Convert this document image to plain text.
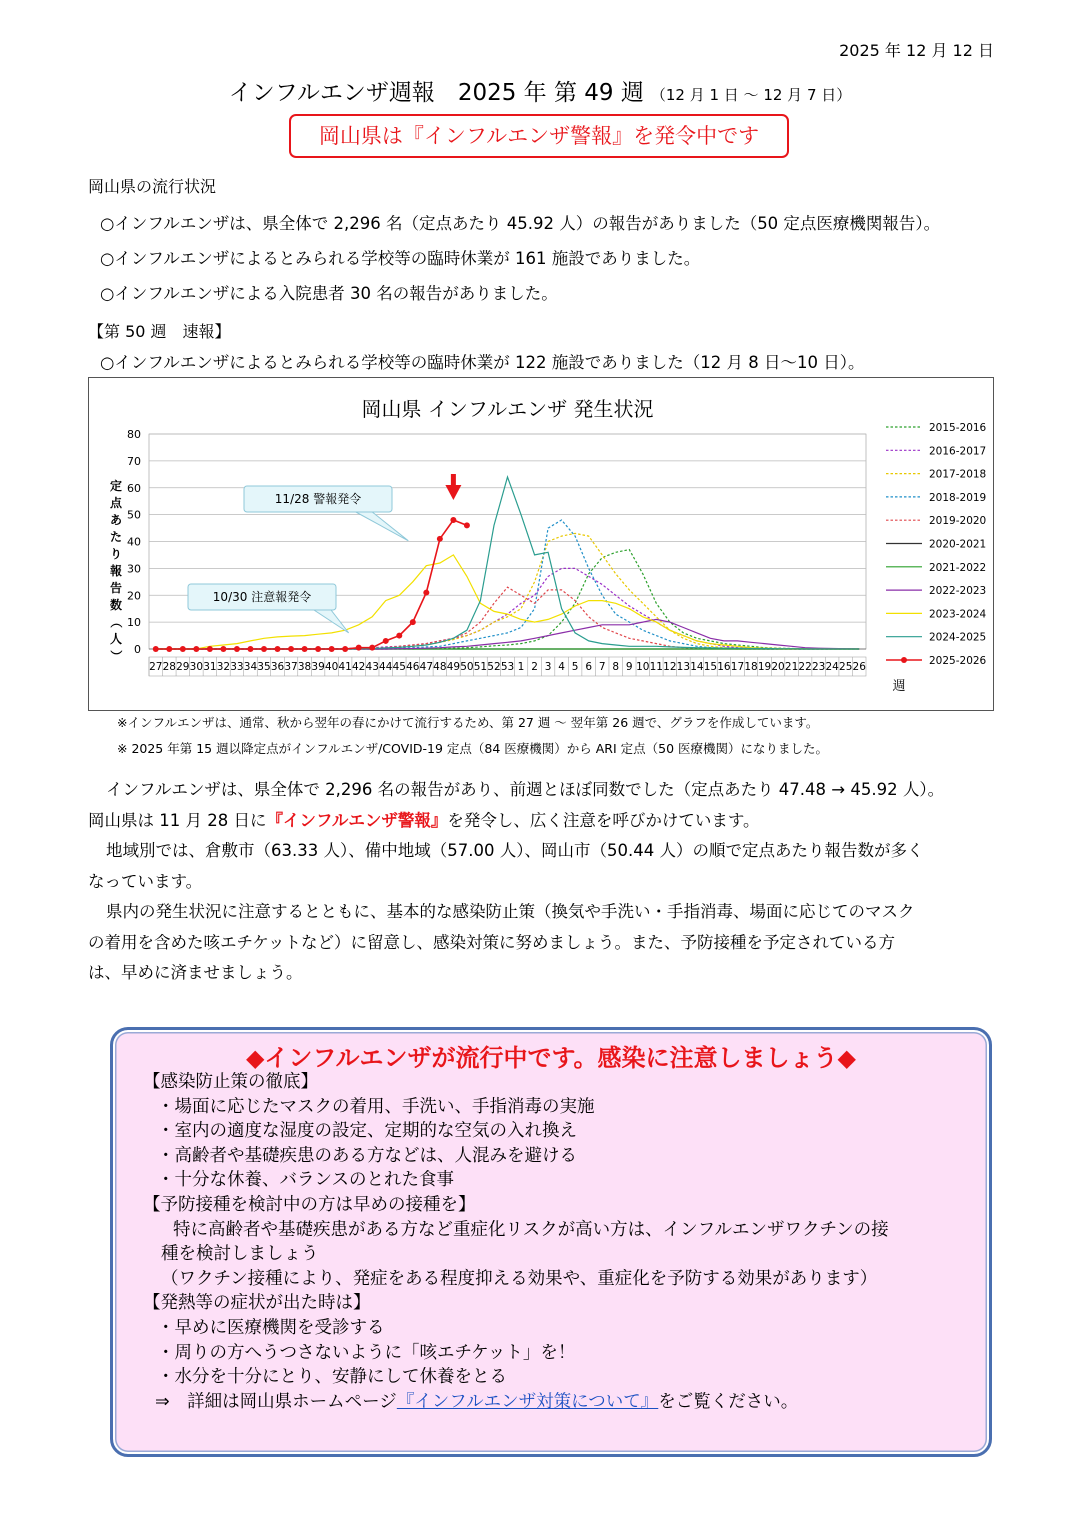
2025 年 12 月 12 日
インフルエンザ週報　2025 年 第 49 週 （12 月 1 日 ～ 12 月 7 日）
岡山県は『インフルエンザ警報』を発令中です
岡山県の流行状況
○インフルエンザは、県全体で 2,296 名（定点あたり 45.92 人）の報告がありました（50 定点医療機関報告）。
○インフルエンザによるとみられる学校等の臨時休業が 161 施設でありました。
○インフルエンザによる入院患者 30 名の報告がありました。
【第 50 週　速報】
○インフルエンザによるとみられる学校等の臨時休業が 122 施設でありました（12 月 8 日～10 日）。
岡山県 インフルエンザ 発生状況
0
10
20
30
40
50
60
70
80
27 28 29 30 31 32 33 34 35 36 37 38 39 40 41 42 43 44 45 46 47 48 49 50 51 52 53 1 2 3 4 5 6 7 8 9 10 11 12 13 14 15 16 17 18 19 20 21 22 23 24 25 26
週
定
点
あ
た
り
報
告
数
（
人
）
2015-2016
2016-2017
2017-2018
2018-2019
2019-2020
2020-2021
2021-2022
2022-2023
2023-2024
2024-2025
2025-2026
11/28 警報発令
10/30 注意報発令
※インフルエンザは、通常、秋から翌年の春にかけて流行するため、第 27 週 ～ 翌年第 26 週で、グラフを作成しています。
※ 2025 年第 15 週以降定点がインフルエンザ/COVID-19 定点（84 医療機関）から ARI 定点（50 医療機関）になりました。

インフルエンザは、県全体で 2,296 名の報告があり、前週とほぼ同数でした（定点あたり 47.48 → 45.92 人）。

岡山県は 11 月 28 日に『インフルエンザ警報』を発令し、広く注意を呼びかけています。

地域別では、倉敷市（63.33 人）、備中地域（57.00 人）、岡山市（50.44 人）の順で定点あたり報告数が多く

なっています。

県内の発生状況に注意するとともに、基本的な感染防止策（換気や手洗い・手指消毒、場面に応じてのマスク

の着用を含めた咳エチケットなど）に留意し、感染対策に努めましょう。また、予防接種を予定されている方

は、早めに済ませましょう。

◆インフルエンザが流行中です。感染に注意しましょう◆
【感染防止策の徹底】
・場面に応じたマスクの着用、手洗い、手指消毒の実施
・室内の適度な湿度の設定、定期的な空気の入れ換え
・高齢者や基礎疾患のある方などは、人混みを避ける
・十分な休養、バランスのとれた食事
【予防接種を検討中の方は早めの接種を】
特に高齢者や基礎疾患がある方など重症化リスクが高い方は、インフルエンザワクチンの接
種を検討しましょう
（ワクチン接種により、発症をある程度抑える効果や、重症化を予防する効果があります）
【発熱等の症状が出た時は】
・早めに医療機関を受診する
・周りの方へうつさないように「咳エチケット」を！
・水分を十分にとり、安静にして休養をとる
⇒　詳細は岡山県ホームページ『インフルエンザ対策について』をご覧ください。
